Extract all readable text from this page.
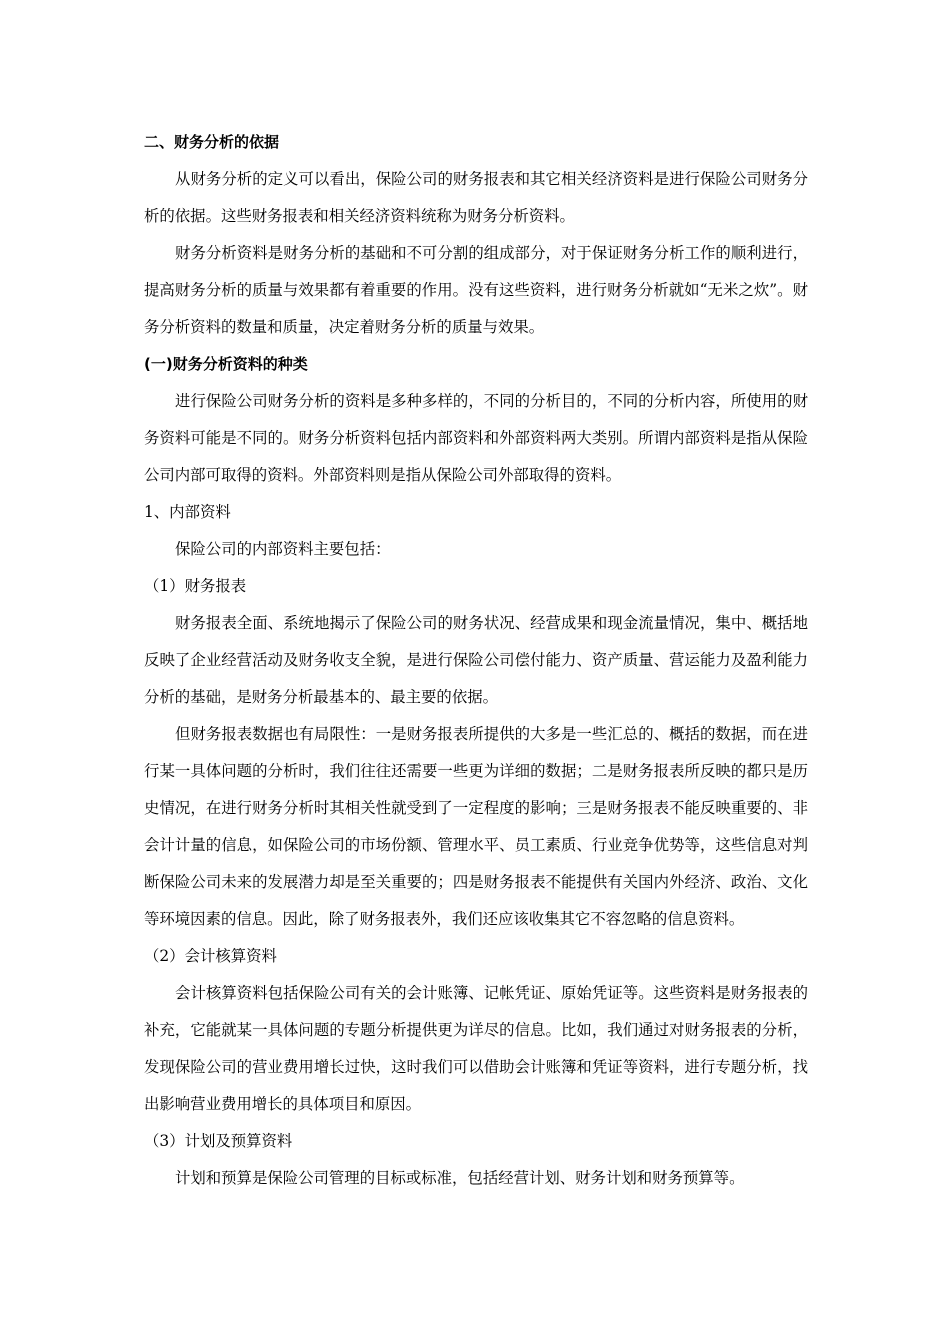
二、财务分析的依据

从财务分析的定义可以看出，保险公司的财务报表和其它相关经济资料是进行保险公司财务分析的依据。这些财务报表和相关经济资料统称为财务分析资料。

财务分析资料是财务分析的基础和不可分割的组成部分，对于保证财务分析工作的顺利进行，提高财务分析的质量与效果都有着重要的作用。没有这些资料，进行财务分析就如“无米之炊”。财务分析资料的数量和质量，决定着财务分析的质量与效果。

(一)财务分析资料的种类

进行保险公司财务分析的资料是多种多样的，不同的分析目的，不同的分析内容，所使用的财务资料可能是不同的。财务分析资料包括内部资料和外部资料两大类别。所谓内部资料是指从保险公司内部可取得的资料。外部资料则是指从保险公司外部取得的资料。

1、内部资料

保险公司的内部资料主要包括：

（1）财务报表

财务报表全面、系统地揭示了保险公司的财务状况、经营成果和现金流量情况，集中、概括地反映了企业经营活动及财务收支全貌，是进行保险公司偿付能力、资产质量、营运能力及盈利能力分析的基础，是财务分析最基本的、最主要的依据。

但财务报表数据也有局限性：一是财务报表所提供的大多是一些汇总的、概括的数据，而在进行某一具体问题的分析时，我们往往还需要一些更为详细的数据；二是财务报表所反映的都只是历史情况，在进行财务分析时其相关性就受到了一定程度的影响；三是财务报表不能反映重要的、非会计计量的信息，如保险公司的市场份额、管理水平、员工素质、行业竞争优势等，这些信息对判断保险公司未来的发展潜力却是至关重要的；四是财务报表不能提供有关国内外经济、政治、文化等环境因素的信息。因此，除了财务报表外，我们还应该收集其它不容忽略的信息资料。

（2）会计核算资料

会计核算资料包括保险公司有关的会计账簿、记帐凭证、原始凭证等。这些资料是财务报表的补充，它能就某一具体问题的专题分析提供更为详尽的信息。比如，我们通过对财务报表的分析，发现保险公司的营业费用增长过快，这时我们可以借助会计账簿和凭证等资料，进行专题分析，找出影响营业费用增长的具体项目和原因。

（3）计划及预算资料

计划和预算是保险公司管理的目标或标准，包括经营计划、财务计划和财务预算等。
